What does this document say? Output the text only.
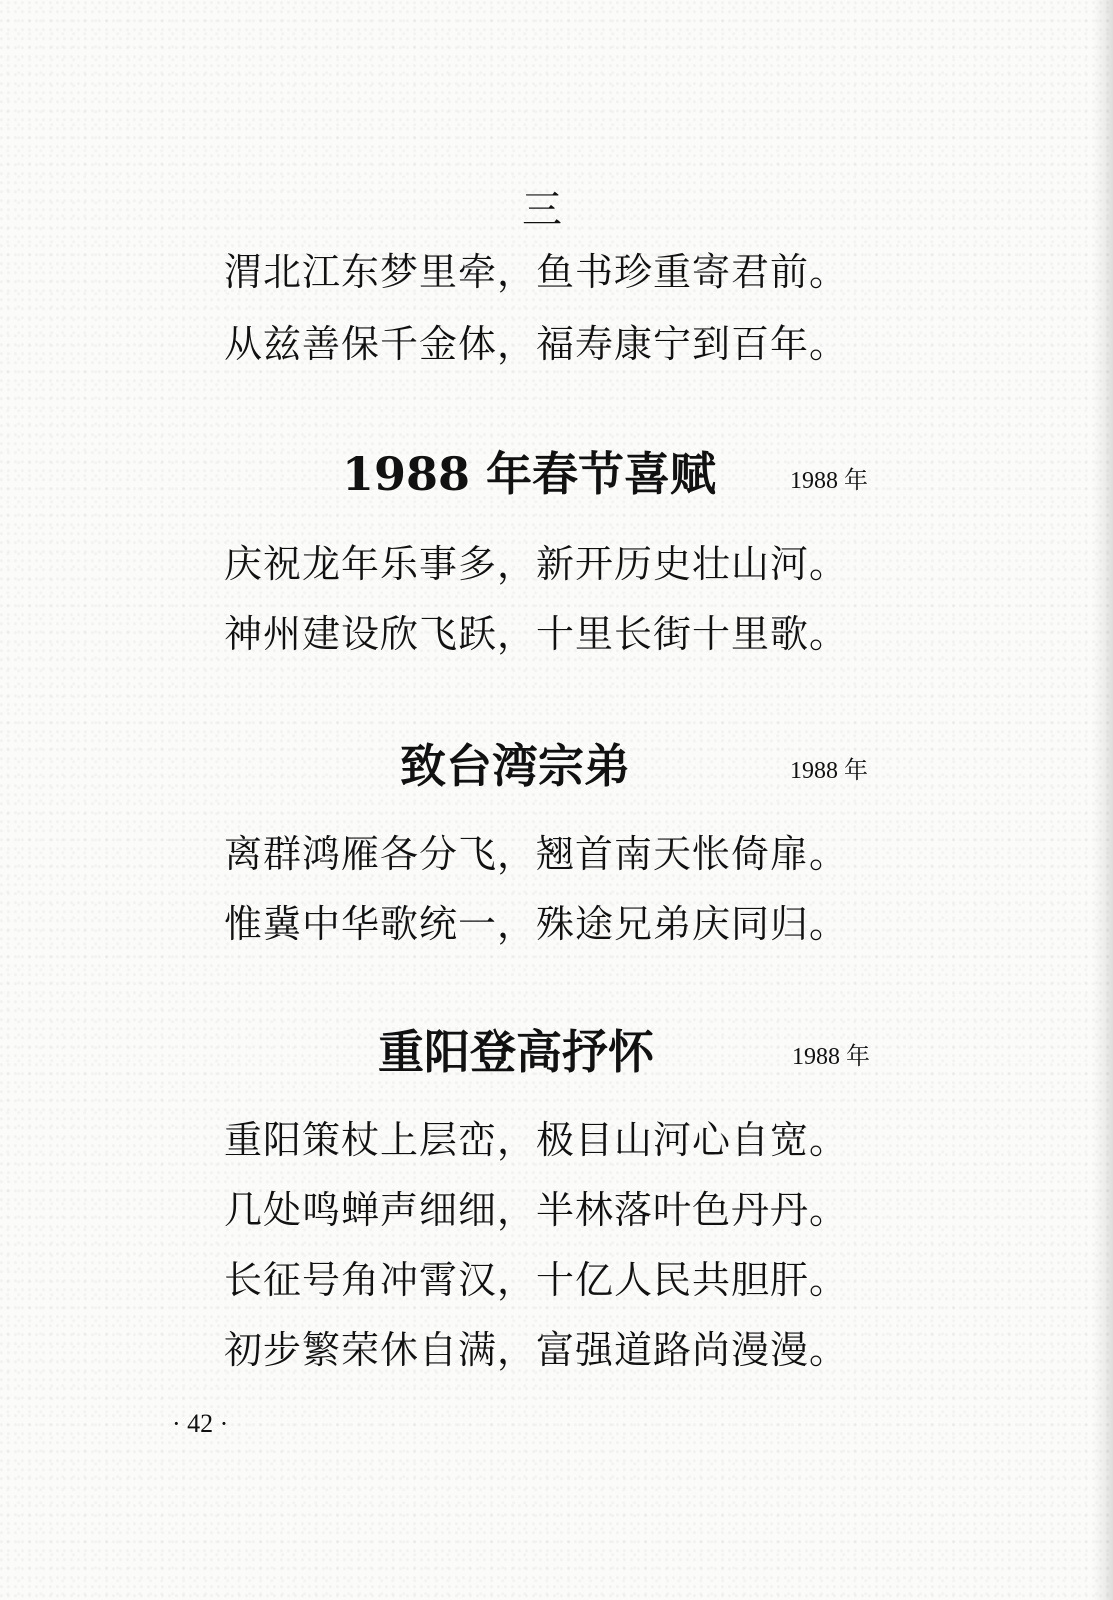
三
渭北江东梦里牵，鱼书珍重寄君前。
从兹善保千金体，福寿康宁到百年。
1988 年春节喜赋	1988 年
庆祝龙年乐事多，新开历史壮山河。
神州建设欣飞跃，十里长街十里歌。
致台湾宗弟	1988 年
离群鸿雁各分飞，翘首南天怅倚扉。
惟冀中华歌统一，殊途兄弟庆同归。
重阳登高抒怀	1988 年
重阳策杖上层峦，极目山河心自宽。
几处鸣蝉声细细，半林落叶色丹丹。
长征号角冲霄汉，十亿人民共胆肝。
初步繁荣休自满，富强道路尚漫漫。
· 42 ·
